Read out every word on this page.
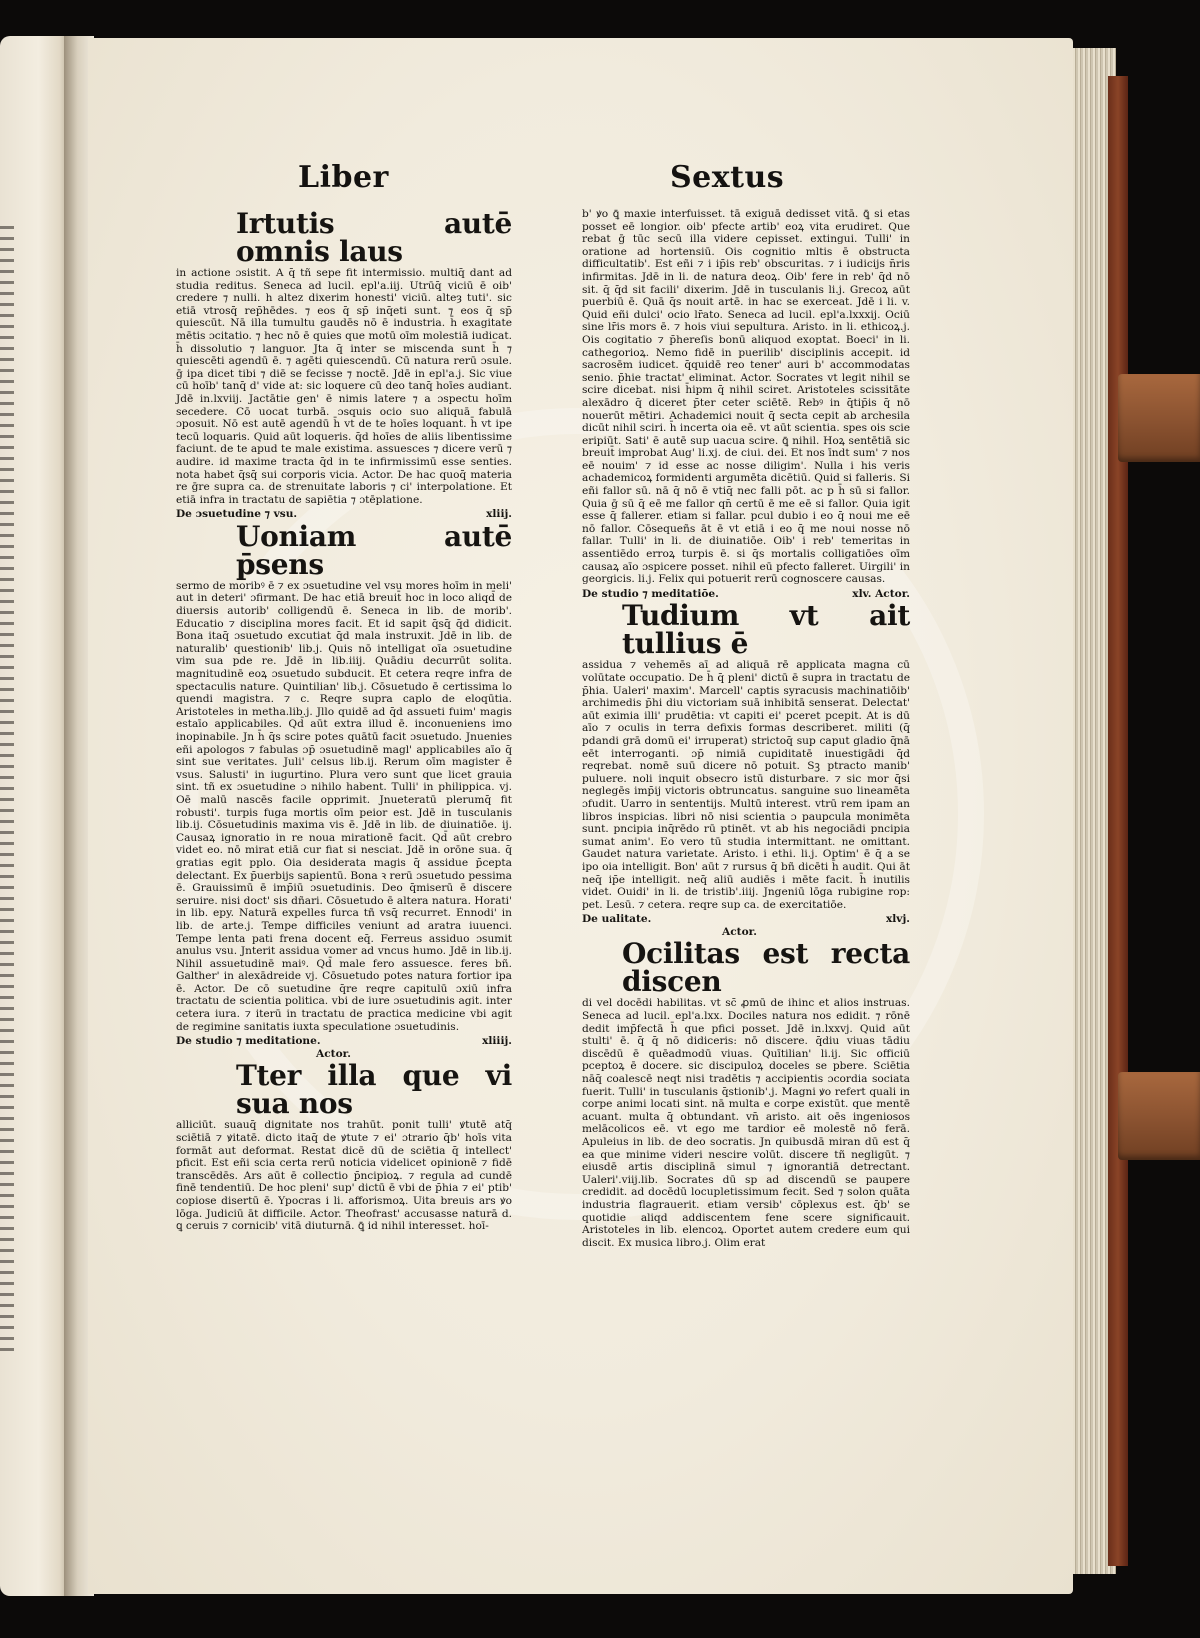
Liber	Sextus
Irtutis autē omnis laus

in actione ɔsistit. A q̄ tñ sepe fit intermissio. multiq̄ dant ad studia reditus. Seneca ad lucil. epl'a.iij. Utrūq̄ viciū ē oib' credere ⁊ nulli. h altez dixerim honesti' viciū. alteȝ tuti'. sic etiā vtrosq̄ rep̄hēdes. ⁊ eos q̄ sp̄ inq̄eti sunt. ⁊ eos q̄ sp̄ quiescūt. Nā illa tumultu gaudēs nō ē industria. h̄ exagitate mētis ɔcitatio. ⁊ hec nō ē quies que motū oīm molestiā iudicat. h̄ dissolutio ⁊ languor. Jta q̄ inter se miscenda sunt h̄ ⁊ quiescēti agendū ē. ⁊ agēti quiescendū. Cū natura rerū ɔsule. ḡ ipa dicet tibi ⁊ diē se fecisse ⁊ noctē. Jdē in epl'a.j. Sic viue cū hoīb' tanq̄ d' vide at: sic loquere cū deo tanq̄ hoīes audiant. Jdē in.lxviij. Jactātie gen' ē nimis latere ⁊ a ɔspectu hoīm secedere. Cō uocat turbā. ɔsquis ocio suo aliquā fabulā ɔposuit. Nō est autē agendū h̄ vt de te hoīes loquant. h̄ vt ipe tecū loquaris. Quid aūt loqueris. q̄d hoīes de aliis libentissime faciunt. de te apud te male existima. assuesces ⁊ dicere verū ⁊ audire. id maxime tracta q̄d in te infirmissimū esse senties. nota habet q̄sq̄ sui corporis vicia. Actor. De hac quoq̄ materia re ḡre supra ca. de strenuitate laboris ⁊ ci' interpolatione. Et etiā infra in tractatu de sapiētia ⁊ ɔtēplatione.

xliij.
De ɔsuetudine ⁊ vsu.
Uoniam autē p̄sens

sermo de moribꝰ ē ⁊ ex ɔsuetudine vel vsu mores hoīm in meli' aut in deteri' ɔfirmant. De hac etiā breuit̄ hoc in loco aliqd̄ de diuersis autorib' colligendū ē. Seneca in lib. de morib'. Educatio ⁊ disciplina mores facit. Et id sapit q̄sq̄ q̄d didicit. Bona itaq̄ ɔsuetudo excutiat q̄d mala instruxit. Jdē in lib. de naturalib' questionib' lib.j. Quis nō intelligat oīa ɔsuetudine vim sua pde re. Jdē in lib.iiij. Quādiu decurrūt solita. magnitudinē eoꝝ ɔsuetudo subducit. Et cetera reqre infra de spectaculis nature. Quintilian' lib.j. Cōsuetudo ē certissima lo quendi magistra. ⁊ c. Reqre supra caplo de eloqūtia. Aristoteles in metha.lib.j. Jllo quidē ad q̄d assueti fuim' magis estaīo applicabiles. Qd̄ aūt extra illud ē. inconueniens imo inopinabile. Jn h̄ q̄s scire potes quātū facit ɔsuetudo. Jnuenies eñi apologos ⁊ fabulas ɔp̄ ɔsuetudinē magl' applicabiles aīo q̄ sint sue veritates. Juli' celsus lib.ij. Rerum oīm magister ē vsus. Salusti' in iugurtino. Plura vero sunt que licet grauia sint. tñ ex ɔsuetudine ɔ nihilo habent. Tulli' in philippica. vj. Oē malū nascēs facile opprimit. Jnueteratū plerumq̄ fit robusti'. turpis fuga mortis oīm peior est. Jdē in tusculanis lib.ij. Cōsuetudinis maxima vis ē. Jdē in lib. de diuinatiōe. ij. Causaꝝ ignoratio in re noua mirationē facit. Qd̄ aūt crebro videt eo. nō mirat etiā cur fiat si nesciat. Jdē in orōne sua. q̄ gratias egit pplo. Oia desiderata magis q̄ assidue p̄cepta delectant. Ex p̄uerbijs sapientū. Bona ꝛ rerū ɔsuetudo pessima ē. Grauissimū ē imp̄iū ɔsuetudinis. Deo q̄miserū ē discere seruire. nisi doct' sis dñari. Cōsuetudo ē altera natura. Horati' in lib. epy. Naturā expelles furca tñ vsq̄ recurret. Ennodi' in lib. de arte.j. Tempe difficiles veniunt ad aratra iuuenci. Tempe lenta pati frena docent eq̄. Ferreus assiduo ɔsumit anulus vsu. Jnterit assidua vomer ad vncus humo. Jdē in lib.ij. Nihil assuetudinē maiꝰ. Qd̄ male fero assuesce. feres bñ. Galther' in alexādreide vj. Cōsuetudo potes natura fortior ipa ē. Actor. De cō suetudine q̄re reqre capitulū ɔxiū infra tractatu de scientia politica. vbi de iure ɔsuetudinis agit. inter cetera iura. ⁊ iterū in tractatu de practica medicine vbi agit de regimine sanitatis iuxta speculatione ɔsuetudinis.

xliiij.
De studio ⁊ meditatione.
Actor.
Tter illa que vi sua nos

alliciūt. suauq̄ dignitate nos trahūt. ponit tulli' ꝟtutē atq̄ sciētiā ⁊ ꝟitatē. dicto itaq̄ de ꝟtute ⁊ ei' ɔtrario q̄b' hoīs vita formāt aut deformat. Restat dicē dū de sciētia q̄ intellect' pficit. Est eñi scia certa rerū noticia videlicet opinionē ⁊ fidē transcēdēs. Ars aūt ē collectio p̄ncipioꝝ. ⁊ regula ad cundē finē tendentiū. De hoc pleni' sup' dictū ē vbi de p̄hia ⁊ ei' ptib' copiose disertū ē. Ypocras i li. afforismoꝝ. Uita breuis ars ꝟo lōga. Judiciū āt difficile. Actor. Theofrast' accusasse naturā d. ꝗ ceruis ⁊ cornicib' vitā diuturnā. ꝗ̄ id nihil interesset. hoī-

b' ꝟo ꝗ̄ maxie interfuisset. tā exiguā dedisset vitā. ꝗ̄ si etas posset eē longior. oib' pfecte artib' eoꝝ vita erudiret. Que rebat ḡ tūc secū illa videre cepisset. extingui. Tulli' in oratione ad hortensiū. Ois cognitio mltis ē obstructa difficultatib'. Est eñi ⁊ i ip̄is reb' obscuritas. ⁊ i iudicijs n̄ris infirmitas. Jdē in li. de natura deoꝝ. Oib' fere in reb' q̄d nō sit. q̄ q̄d sit facili' dixerim. Jdē in tusculanis li.j. Grecoꝝ aūt puerbiū ē. Quā q̄s nouit artē. in hac se exerceat. Jdē i li. v. Quid eñi dulci' ocio lr̄ato. Seneca ad lucil. epl'a.lxxxij. Ociū sine lr̄is mors ē. ⁊ hois viui sepultura. Aristo. in li. ethicoꝝ.j. Ois cogitatio ⁊ p̄hereſis bonū aliquod exoptat. Boeci' in li. cathegorioꝝ. Nemo fidē in puerilib' disciplinis accepit. id sacrosēm iudicet. q̄quidē reo tener' auri b' accommodatas senio. p̄hie tractat' eliminat. Actor. Socrates vt legit nihil se scire dicebat. nisi h̄ipm q̄ nihil sciret. Aristoteles scissitāte alexādro q̄ diceret p̄ter ceter sciētē. Rebꝰ in q̄tip̄is q̄ nō nouerūt mētiri. Achademici nouit q̄ secta cepit ab archesila dicūt nihil sciri. h̄ incerta oia eē. vt aūt scientia. spes ois scie eripiūt. Sati' ē autē sup uacua scire. ꝗ̄ nihil. Hoꝝ sentētiā sic breuit̄ improbat Aug' li.xj. de ciui. dei. Et nos īndt sum' ⁊ nos eē nouim' ⁊ id esse ac nosse diligim'. Nulla i his veris achademicoꝝ formidenti argumēta dicētiū. Quid si falleris. Si eñi fallor sū. nā q̄ nō ē vtiq̄ nec falli pōt. ac p h̄ sū si fallor. Quia ḡ sū q̄ eē me fallor qn̄ certū ē me eē si fallor. Quia igit esse q̄ fallerer. etiam si fallar. pcul dubio i eo q̄ noui me eē nō fallor. Cōsequeñs āt ē vt etiā i eo q̄ me noui nosse nō fallar. Tulli' in li. de diuinatiōe. Oib' i reb' temeritas in assentiēdo erroꝝ turpis ē. si q̄s mortalis colligatiōes oīm causaꝝ aīo ɔspicere posset. nihil eū pfecto falleret. Uirgili' in georgicis. li.j. Felix qui potuerit rerū cognoscere causas.

xlv. Actor.
De studio ⁊ meditatiōe.
Tudium vt ait tullius ē

assidua ⁊ vehemēs aī ad aliquā rē applicata magna cū volūtate occupatio. De h̄ q̄ pleni' dictū ē supra in tractatu de p̄hia. Ualeri' maxim'. Marcell' captis syracusis machinatiōib' archimedis p̄hi diu victoriam suā inhibitā senserat. Delectat' aūt eximia illi' prudētia: vt capiti ei' pceret pcepit. At is dū aīo ⁊ oculis in terra defixis formas describeret. militi (q̄ pdandi grā domū ei' irruperat) strictoq̄ sup caput gladio q̄nā eēt interroganti. ɔp̄ nimiā cupiditatē inuestigādi q̄d reqrebat. nomē suū dicere nō potuit. Sꝫ ptracto manib' puluere. noli inquit obsecro istū disturbare. ⁊ sic mor q̄si neglegēs imp̄ij victoris obtruncatus. sanguine suo lineamēta ɔfudit. Uarro in sententijs. Multū interest. vtrū rem ipam an libros inspicias. libri nō nisi scientia ɔ paupcula monimēta sunt. pncipia inq̄rēdo rū ptinēt. vt ab his negociādi pncipia sumat anim'. Eo vero tū studia intermittant. ne omittant. Gaudet natura varietate. Aristo. i ethi. li.j. Optim' ē q̄ a se ipo oia intelligit. Bon' aūt ⁊ rursus q̄ bñ dicēti h̄ audit. Qui āt neq̄ ip̄e intelligit. neq̄ aliū audiēs i mēte facit. h̄ inutilis videt. Ouidi' in li. de tristib'.iiij. Jngeniū lōga rubigine rop: pet. Lesū. ⁊ cetera. reqre sup ca. de exercitatiōe.

xlvj.
De ualitate.
Actor.
Ocilitas est recta discen

di vel docēdi habilitas. vt sc̄ ꝓmū de ihinc et alios instruas. Seneca ad lucil. epl'a.lxx. Dociles natura nos edidit. ⁊ rōnē dedit imp̄fectā h̄ que pfici posset. Jdē in.lxxvj. Quid aūt stulti' ē. q̄ q̄ nō didiceris: nō discere. q̄diu viuas tādiu discēdū ē quēadmodū viuas. Quītilian' li.ij. Sic officiū pceptoꝝ ē docere. sic discipuloꝝ doceles se pbere. Sciētia nāq̄ coalescē neqt nisi tradētis ⁊ accipientis ɔcordia sociata fuerit. Tulli' in tusculanis q̄stionib'.j. Magni ꝟo refert quali in corpe animi locati sint. nā multa e corpe existūt. que mentē acuant. multa q̄ obtundant. vn̄ aristo. ait oēs ingeniosos melācolicos eē. vt ego me tardior eē molestē nō ferā. Apuleius in lib. de deo socratis. Jn quibusdā miran dū est q̄ ea que minime videri nescire volūt. discere tñ negligūt. ⁊ eiusdē artis disciplinā simul ⁊ ignorantiā detrectant. Ualeri'.viij.lib. Socrates dū sp ad discendū se paupere credidit. ad docēdū locupletissimum fecit. Sed ⁊ solon quāta industria flagrauerit. etiam versib' cōplexus est. q̄b' se quotidie aliqd addiscentem fene scere significauit. Aristoteles in lib. elencoꝝ. Oportet autem credere eum qui discit. Ex musica libro.j. Olim erat
